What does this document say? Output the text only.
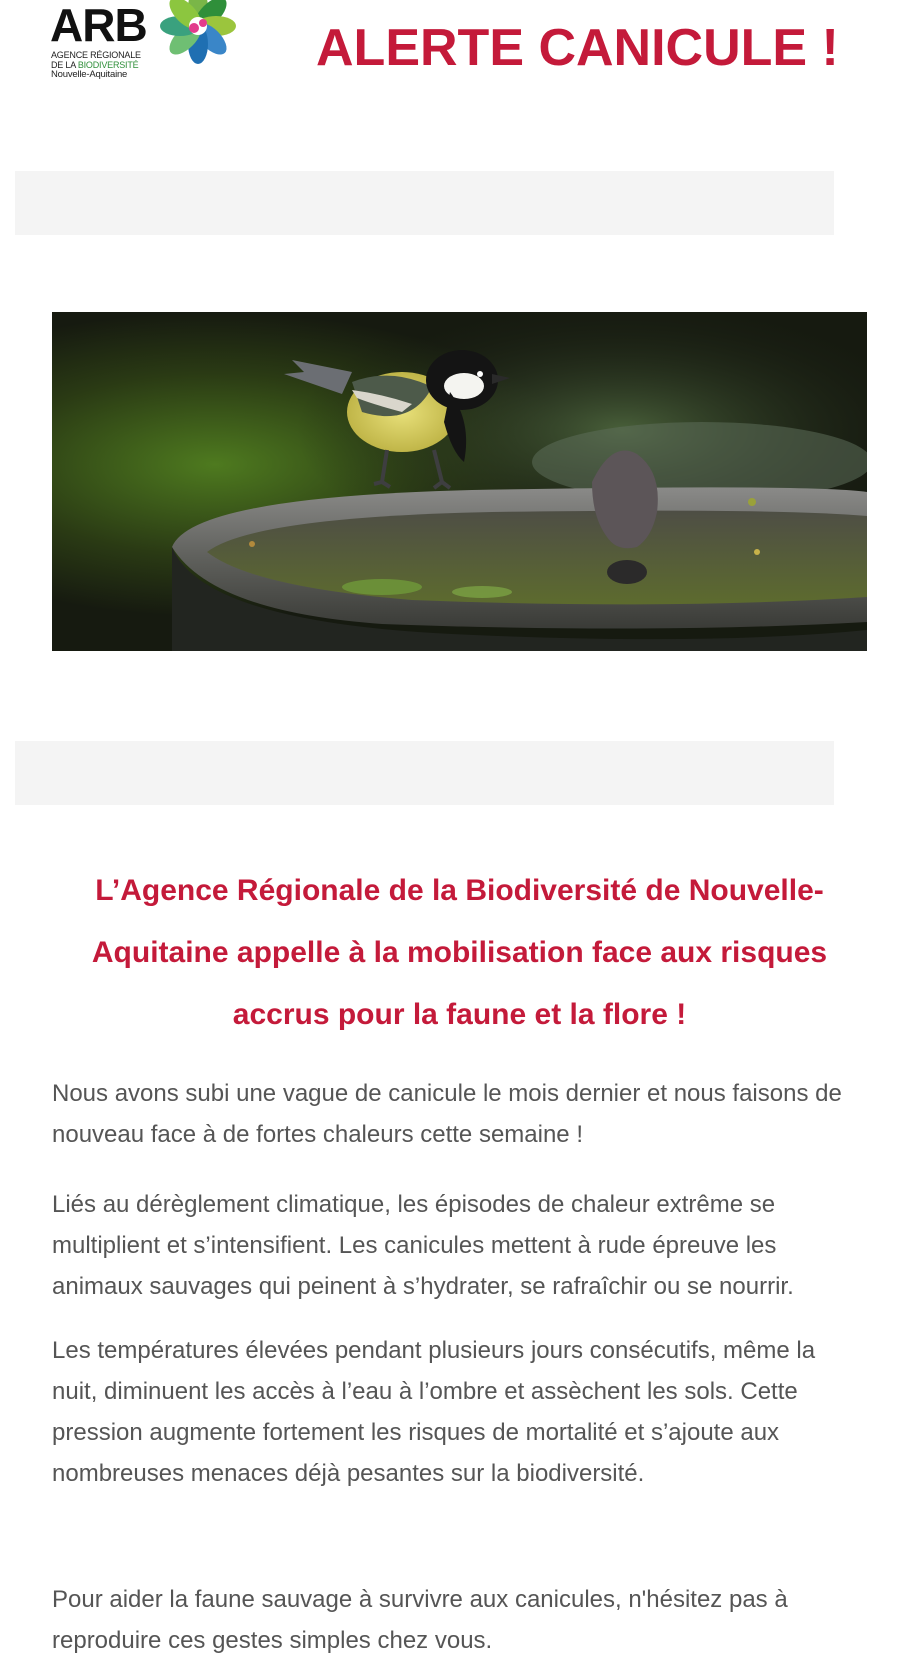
ARB
AGENCE RÉGIONALE
DE LA BIODIVERSITÉ
Nouvelle-Aquitaine	ALERTE CANICULE !
L’Agence Régionale de la Biodiversité de Nouvelle-Aquitaine appelle à la mobilisation face aux risques accrus pour la faune et la flore !

Nous avons subi une vague de canicule le mois dernier et nous faisons de nouveau face à de fortes chaleurs cette semaine !

Liés au dérèglement climatique, les épisodes de chaleur extrême se multiplient et s’intensifient. Les canicules mettent à rude épreuve les animaux sauvages qui peinent à s’hydrater, se rafraîchir ou se nourrir.

Les températures élevées pendant plusieurs jours consécutifs, même la nuit, diminuent les accès à l’eau à l’ombre et assèchent les sols. Cette pression augmente fortement les risques de mortalité et s’ajoute aux nombreuses menaces déjà pesantes sur la biodiversité.

Pour aider la faune sauvage à survivre aux canicules, n'hésitez pas à reproduire ces gestes simples chez vous.
